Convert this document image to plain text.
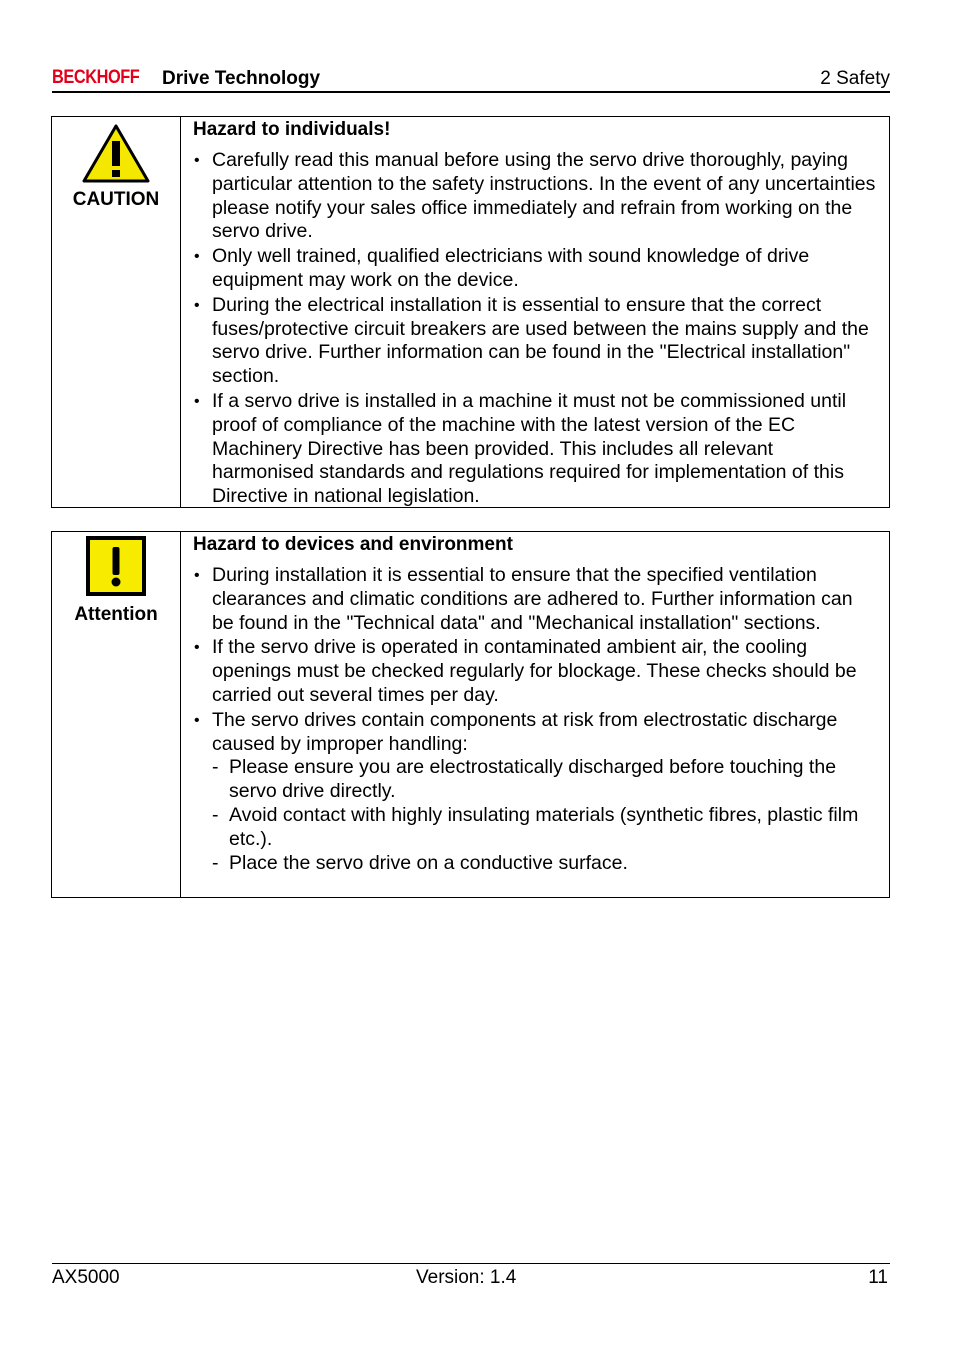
BECKHOFF Drive Technology	2 Safety
CAUTION

Hazard to individuals!

• Carefully read this manual before using the servo drive thoroughly, paying particular attention to the safety instructions. In the event of any uncertainties please notify your sales office immediately and refrain from working on the servo drive.
• Only well trained, qualified electricians with sound knowledge of drive equipment may work on the device.
• During the electrical installation it is essential to ensure that the correct fuses/protective circuit breakers are used between the mains supply and the servo drive. Further information can be found in the "Electrical installation" section.
• If a servo drive is installed in a machine it must not be commissioned until proof of compliance of the machine with the latest version of the EC Machinery Directive has been provided. This includes all relevant harmonised standards and regulations required for implementation of this Directive in national legislation.
Attention

Hazard to devices and environment

• During installation it is essential to ensure that the specified ventilation clearances and climatic conditions are adhered to. Further information can be found in the "Technical data" and "Mechanical installation" sections.
• If the servo drive is operated in contaminated ambient air, the cooling openings must be checked regularly for blockage. These checks should be carried out several times per day.
• The servo drives contain components at risk from electrostatic discharge caused by improper handling:
- Please ensure you are electrostatically discharged before touching the servo drive directly.
- Avoid contact with highly insulating materials (synthetic fibres, plastic film etc.).
- Place the servo drive on a conductive surface.
AX5000	Version: 1.4	11
